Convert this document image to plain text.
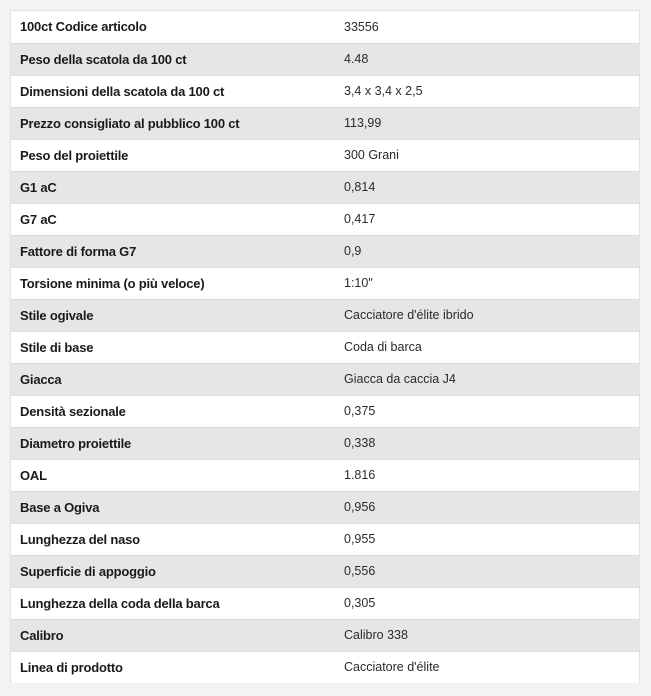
100ct Codice articolo	33556
Peso della scatola da 100 ct	4.48
Dimensioni della scatola da 100 ct	3,4 x 3,4 x 2,5
Prezzo consigliato al pubblico 100 ct	113,99
Peso del proiettile	300 Grani
G1 aC	0,814
G7 aC	0,417
Fattore di forma G7	0,9
Torsione minima (o più veloce)	1:10"
Stile ogivale	Cacciatore d'élite ibrido
Stile di base	Coda di barca
Giacca	Giacca da caccia J4
Densità sezionale	0,375
Diametro proiettile	0,338
OAL	1.816
Base a Ogiva	0,956
Lunghezza del naso	0,955
Superficie di appoggio	0,556
Lunghezza della coda della barca	0,305
Calibro	Calibro 338
Linea di prodotto	Cacciatore d'élite
